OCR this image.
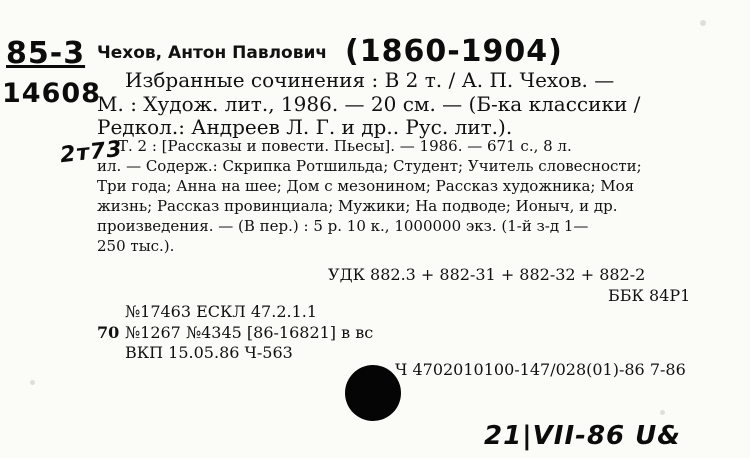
85-3
14608
Чехов, Антон Павлович (1860-1904)
Избранные сочинения : В 2 т. / А. П. Чехов. —
М. : Худож. лит., 1986. — 20 см. — (Б-ка классики /
Редкол.: Андреев Л. Г. и др.. Рус. лит.).
2т73
Т. 2 : [Рассказы и повести. Пьесы]. — 1986. — 671 с., 8 л.
ил. — Содерж.: Скрипка Ротшильда; Студент; Учитель словесности;
Три года; Анна на шее; Дом с мезонином; Рассказ художника; Моя
жизнь; Рассказ провинциала; Мужики; На подводе; Ионыч, и др.
произведения. — (В пер.) : 5 р. 10 к., 1000000 экз. (1-й з-д 1—
250 тыс.).
УДК 882.3 + 882-31 + 882-32 + 882-2
ББК 84Р1
№17463 ЕСКЛ 47.2.1.1
70 №1267 №4345 [86-16821] в вс
ВКП 15.05.86 Ч-563
Ч 4702010100-147/028(01)-86 7-86
21|VII-86 U&
